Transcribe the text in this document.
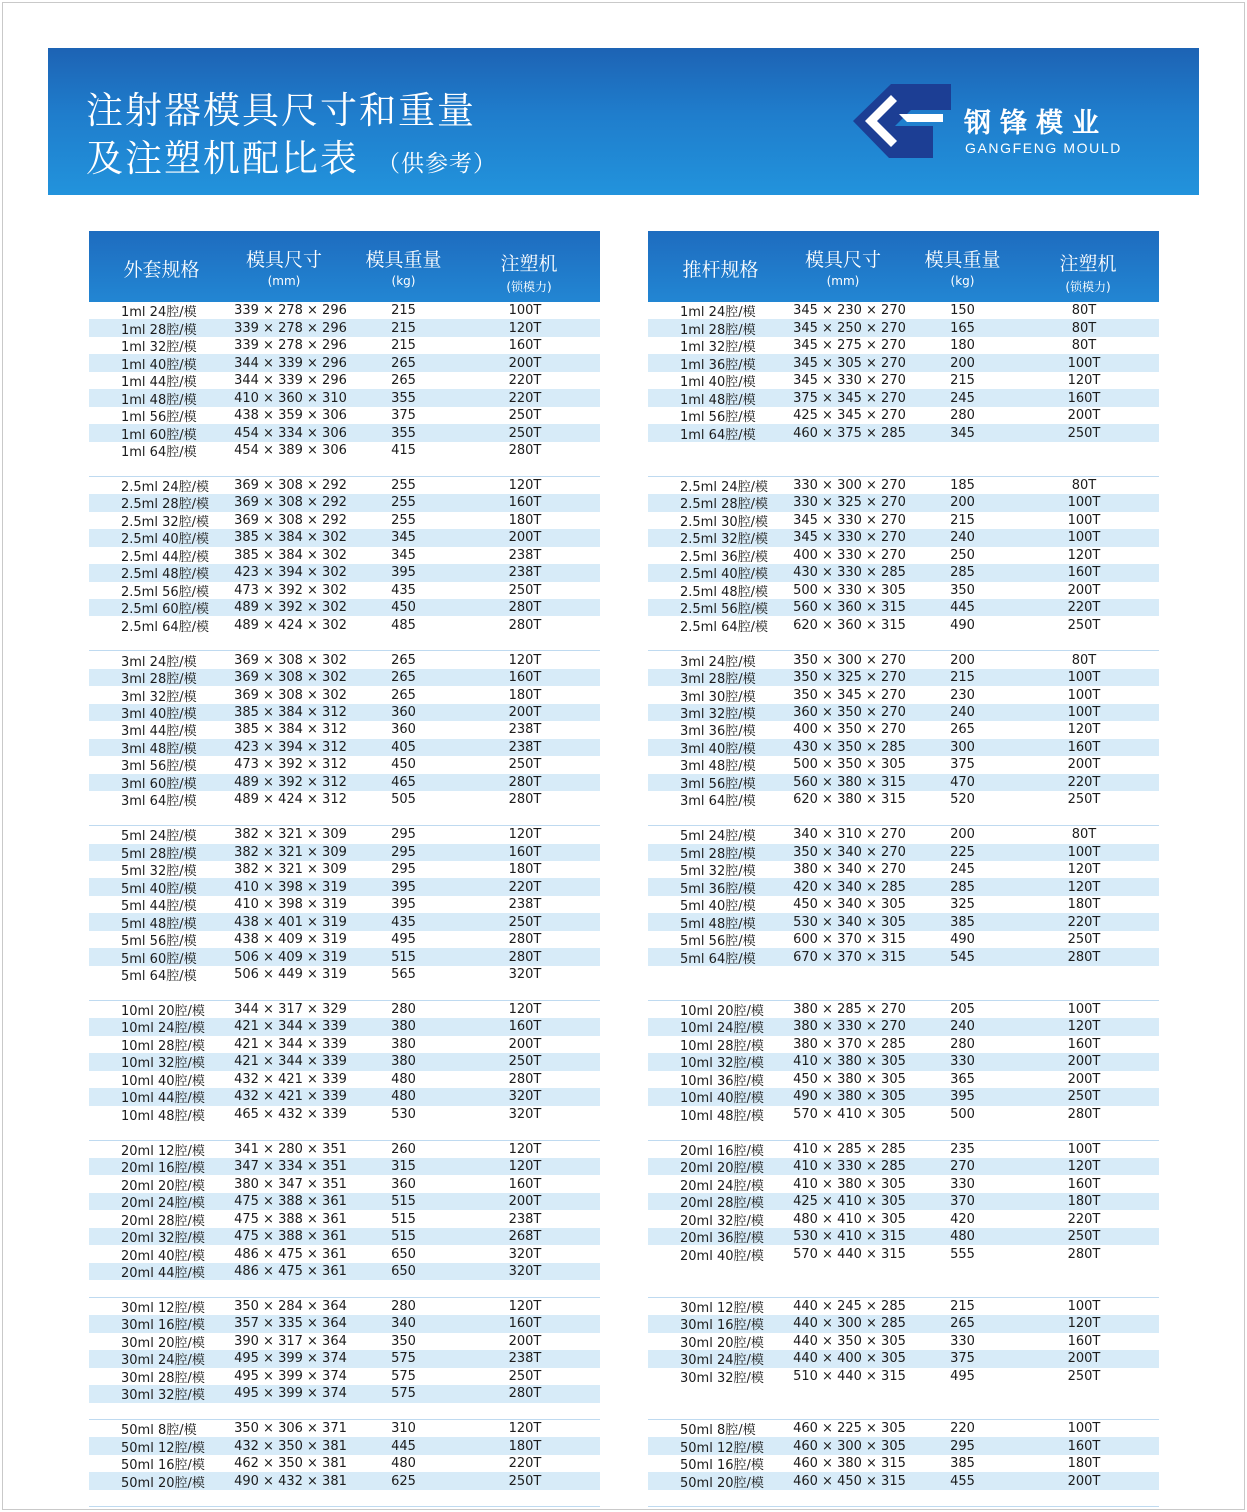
注射器模具尺寸和重量
及注塑机配比表 （供参考）
钢锋模业
GANGFENG MOULD
外套规格	模具尺寸
(mm)
模具重量
(kg)
注塑机
(锁模力)
1ml 24腔/模	339 × 278 × 296	215	100T
1ml 28腔/模	339 × 278 × 296	215	120T
1ml 32腔/模	339 × 278 × 296	215	160T
1ml 40腔/模	344 × 339 × 296	265	200T
1ml 44腔/模	344 × 339 × 296	265	220T
1ml 48腔/模	410 × 360 × 310	355	220T
1ml 56腔/模	438 × 359 × 306	375	250T
1ml 60腔/模	454 × 334 × 306	355	250T
1ml 64腔/模	454 × 389 × 306	415	280T
2.5ml 24腔/模	369 × 308 × 292	255	120T
2.5ml 28腔/模	369 × 308 × 292	255	160T
2.5ml 32腔/模	369 × 308 × 292	255	180T
2.5ml 40腔/模	385 × 384 × 302	345	200T
2.5ml 44腔/模	385 × 384 × 302	345	238T
2.5ml 48腔/模	423 × 394 × 302	395	238T
2.5ml 56腔/模	473 × 392 × 302	435	250T
2.5ml 60腔/模	489 × 392 × 302	450	280T
2.5ml 64腔/模	489 × 424 × 302	485	280T
3ml 24腔/模	369 × 308 × 302	265	120T
3ml 28腔/模	369 × 308 × 302	265	160T
3ml 32腔/模	369 × 308 × 302	265	180T
3ml 40腔/模	385 × 384 × 312	360	200T
3ml 44腔/模	385 × 384 × 312	360	238T
3ml 48腔/模	423 × 394 × 312	405	238T
3ml 56腔/模	473 × 392 × 312	450	250T
3ml 60腔/模	489 × 392 × 312	465	280T
3ml 64腔/模	489 × 424 × 312	505	280T
5ml 24腔/模	382 × 321 × 309	295	120T
5ml 28腔/模	382 × 321 × 309	295	160T
5ml 32腔/模	382 × 321 × 309	295	180T
5ml 40腔/模	410 × 398 × 319	395	220T
5ml 44腔/模	410 × 398 × 319	395	238T
5ml 48腔/模	438 × 401 × 319	435	250T
5ml 56腔/模	438 × 409 × 319	495	280T
5ml 60腔/模	506 × 409 × 319	515	280T
5ml 64腔/模	506 × 449 × 319	565	320T
10ml 20腔/模	344 × 317 × 329	280	120T
10ml 24腔/模	421 × 344 × 339	380	160T
10ml 28腔/模	421 × 344 × 339	380	200T
10ml 32腔/模	421 × 344 × 339	380	250T
10ml 40腔/模	432 × 421 × 339	480	280T
10ml 44腔/模	432 × 421 × 339	480	320T
10ml 48腔/模	465 × 432 × 339	530	320T
20ml 12腔/模	341 × 280 × 351	260	120T
20ml 16腔/模	347 × 334 × 351	315	120T
20ml 20腔/模	380 × 347 × 351	360	160T
20ml 24腔/模	475 × 388 × 361	515	200T
20ml 28腔/模	475 × 388 × 361	515	238T
20ml 32腔/模	475 × 388 × 361	515	268T
20ml 40腔/模	486 × 475 × 361	650	320T
20ml 44腔/模	486 × 475 × 361	650	320T
30ml 12腔/模	350 × 284 × 364	280	120T
30ml 16腔/模	357 × 335 × 364	340	160T
30ml 20腔/模	390 × 317 × 364	350	200T
30ml 24腔/模	495 × 399 × 374	575	238T
30ml 28腔/模	495 × 399 × 374	575	250T
30ml 32腔/模	495 × 399 × 374	575	280T
50ml 8腔/模	350 × 306 × 371	310	120T
50ml 12腔/模	432 × 350 × 381	445	180T
50ml 16腔/模	462 × 350 × 381	480	220T
50ml 20腔/模	490 × 432 × 381	625	250T
推杆规格	模具尺寸
(mm)
模具重量
(kg)
注塑机
(锁模力)
1ml 24腔/模	345 × 230 × 270	150	80T
1ml 28腔/模	345 × 250 × 270	165	80T
1ml 32腔/模	345 × 275 × 270	180	80T
1ml 36腔/模	345 × 305 × 270	200	100T
1ml 40腔/模	345 × 330 × 270	215	120T
1ml 48腔/模	375 × 345 × 270	245	160T
1ml 56腔/模	425 × 345 × 270	280	200T
1ml 64腔/模	460 × 375 × 285	345	250T
2.5ml 24腔/模	330 × 300 × 270	185	80T
2.5ml 28腔/模	330 × 325 × 270	200	100T
2.5ml 30腔/模	345 × 330 × 270	215	100T
2.5ml 32腔/模	345 × 330 × 270	240	100T
2.5ml 36腔/模	400 × 330 × 270	250	120T
2.5ml 40腔/模	430 × 330 × 285	285	160T
2.5ml 48腔/模	500 × 330 × 305	350	200T
2.5ml 56腔/模	560 × 360 × 315	445	220T
2.5ml 64腔/模	620 × 360 × 315	490	250T
3ml 24腔/模	350 × 300 × 270	200	80T
3ml 28腔/模	350 × 325 × 270	215	100T
3ml 30腔/模	350 × 345 × 270	230	100T
3ml 32腔/模	360 × 350 × 270	240	100T
3ml 36腔/模	400 × 350 × 270	265	120T
3ml 40腔/模	430 × 350 × 285	300	160T
3ml 48腔/模	500 × 350 × 305	375	200T
3ml 56腔/模	560 × 380 × 315	470	220T
3ml 64腔/模	620 × 380 × 315	520	250T
5ml 24腔/模	340 × 310 × 270	200	80T
5ml 28腔/模	350 × 340 × 270	225	100T
5ml 32腔/模	380 × 340 × 270	245	120T
5ml 36腔/模	420 × 340 × 285	285	120T
5ml 40腔/模	450 × 340 × 305	325	180T
5ml 48腔/模	530 × 340 × 305	385	220T
5ml 56腔/模	600 × 370 × 315	490	250T
5ml 64腔/模	670 × 370 × 315	545	280T
10ml 20腔/模	380 × 285 × 270	205	100T
10ml 24腔/模	380 × 330 × 270	240	120T
10ml 28腔/模	380 × 370 × 285	280	160T
10ml 32腔/模	410 × 380 × 305	330	200T
10ml 36腔/模	450 × 380 × 305	365	200T
10ml 40腔/模	490 × 380 × 305	395	250T
10ml 48腔/模	570 × 410 × 305	500	280T
20ml 16腔/模	410 × 285 × 285	235	100T
20ml 20腔/模	410 × 330 × 285	270	120T
20ml 24腔/模	410 × 380 × 305	330	160T
20ml 28腔/模	425 × 410 × 305	370	180T
20ml 32腔/模	480 × 410 × 305	420	220T
20ml 36腔/模	530 × 410 × 315	480	250T
20ml 40腔/模	570 × 440 × 315	555	280T
30ml 12腔/模	440 × 245 × 285	215	100T
30ml 16腔/模	440 × 300 × 285	265	120T
30ml 20腔/模	440 × 350 × 305	330	160T
30ml 24腔/模	440 × 400 × 305	375	200T
30ml 32腔/模	510 × 440 × 315	495	250T
50ml 8腔/模	460 × 225 × 305	220	100T
50ml 12腔/模	460 × 300 × 305	295	160T
50ml 16腔/模	460 × 380 × 315	385	180T
50ml 20腔/模	460 × 450 × 315	455	200T
